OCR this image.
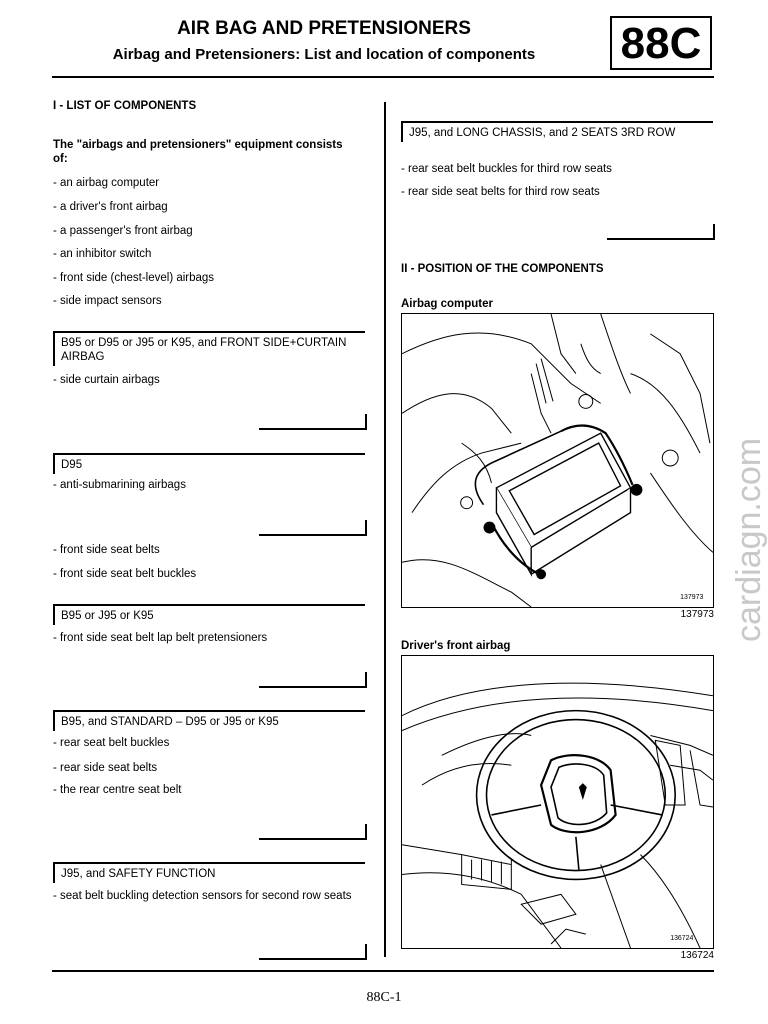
AIR BAG AND PRETENSIONERS
Airbag and Pretensioners: List and location of components	88C
I - LIST OF COMPONENTS
The "airbags and pretensioners" equipment consists of:
- an airbag computer
- a driver's front airbag
- a passenger's front airbag
- an inhibitor switch
- front side (chest-level) airbags
- side impact sensors
B95 or D95 or J95 or K95, and FRONT SIDE+CURTAIN AIRBAG
- side curtain airbags
D95
- anti-submarining airbags
- front side seat belts
- front side seat belt buckles
B95 or J95 or K95
- front side seat belt lap belt pretensioners
B95, and STANDARD – D95 or J95 or K95
- rear seat belt buckles
- rear side seat belts
- the rear centre seat belt
J95, and SAFETY FUNCTION
- seat belt buckling detection sensors for second row seats
J95, and LONG CHASSIS, and 2 SEATS 3RD ROW
- rear seat belt buckles for third row seats
- rear side seat belts for third row seats
II - POSITION OF THE COMPONENTS
Airbag computer
137973
137973
Driver's front airbag
136724
136724
cardiagn.com
88C-1
